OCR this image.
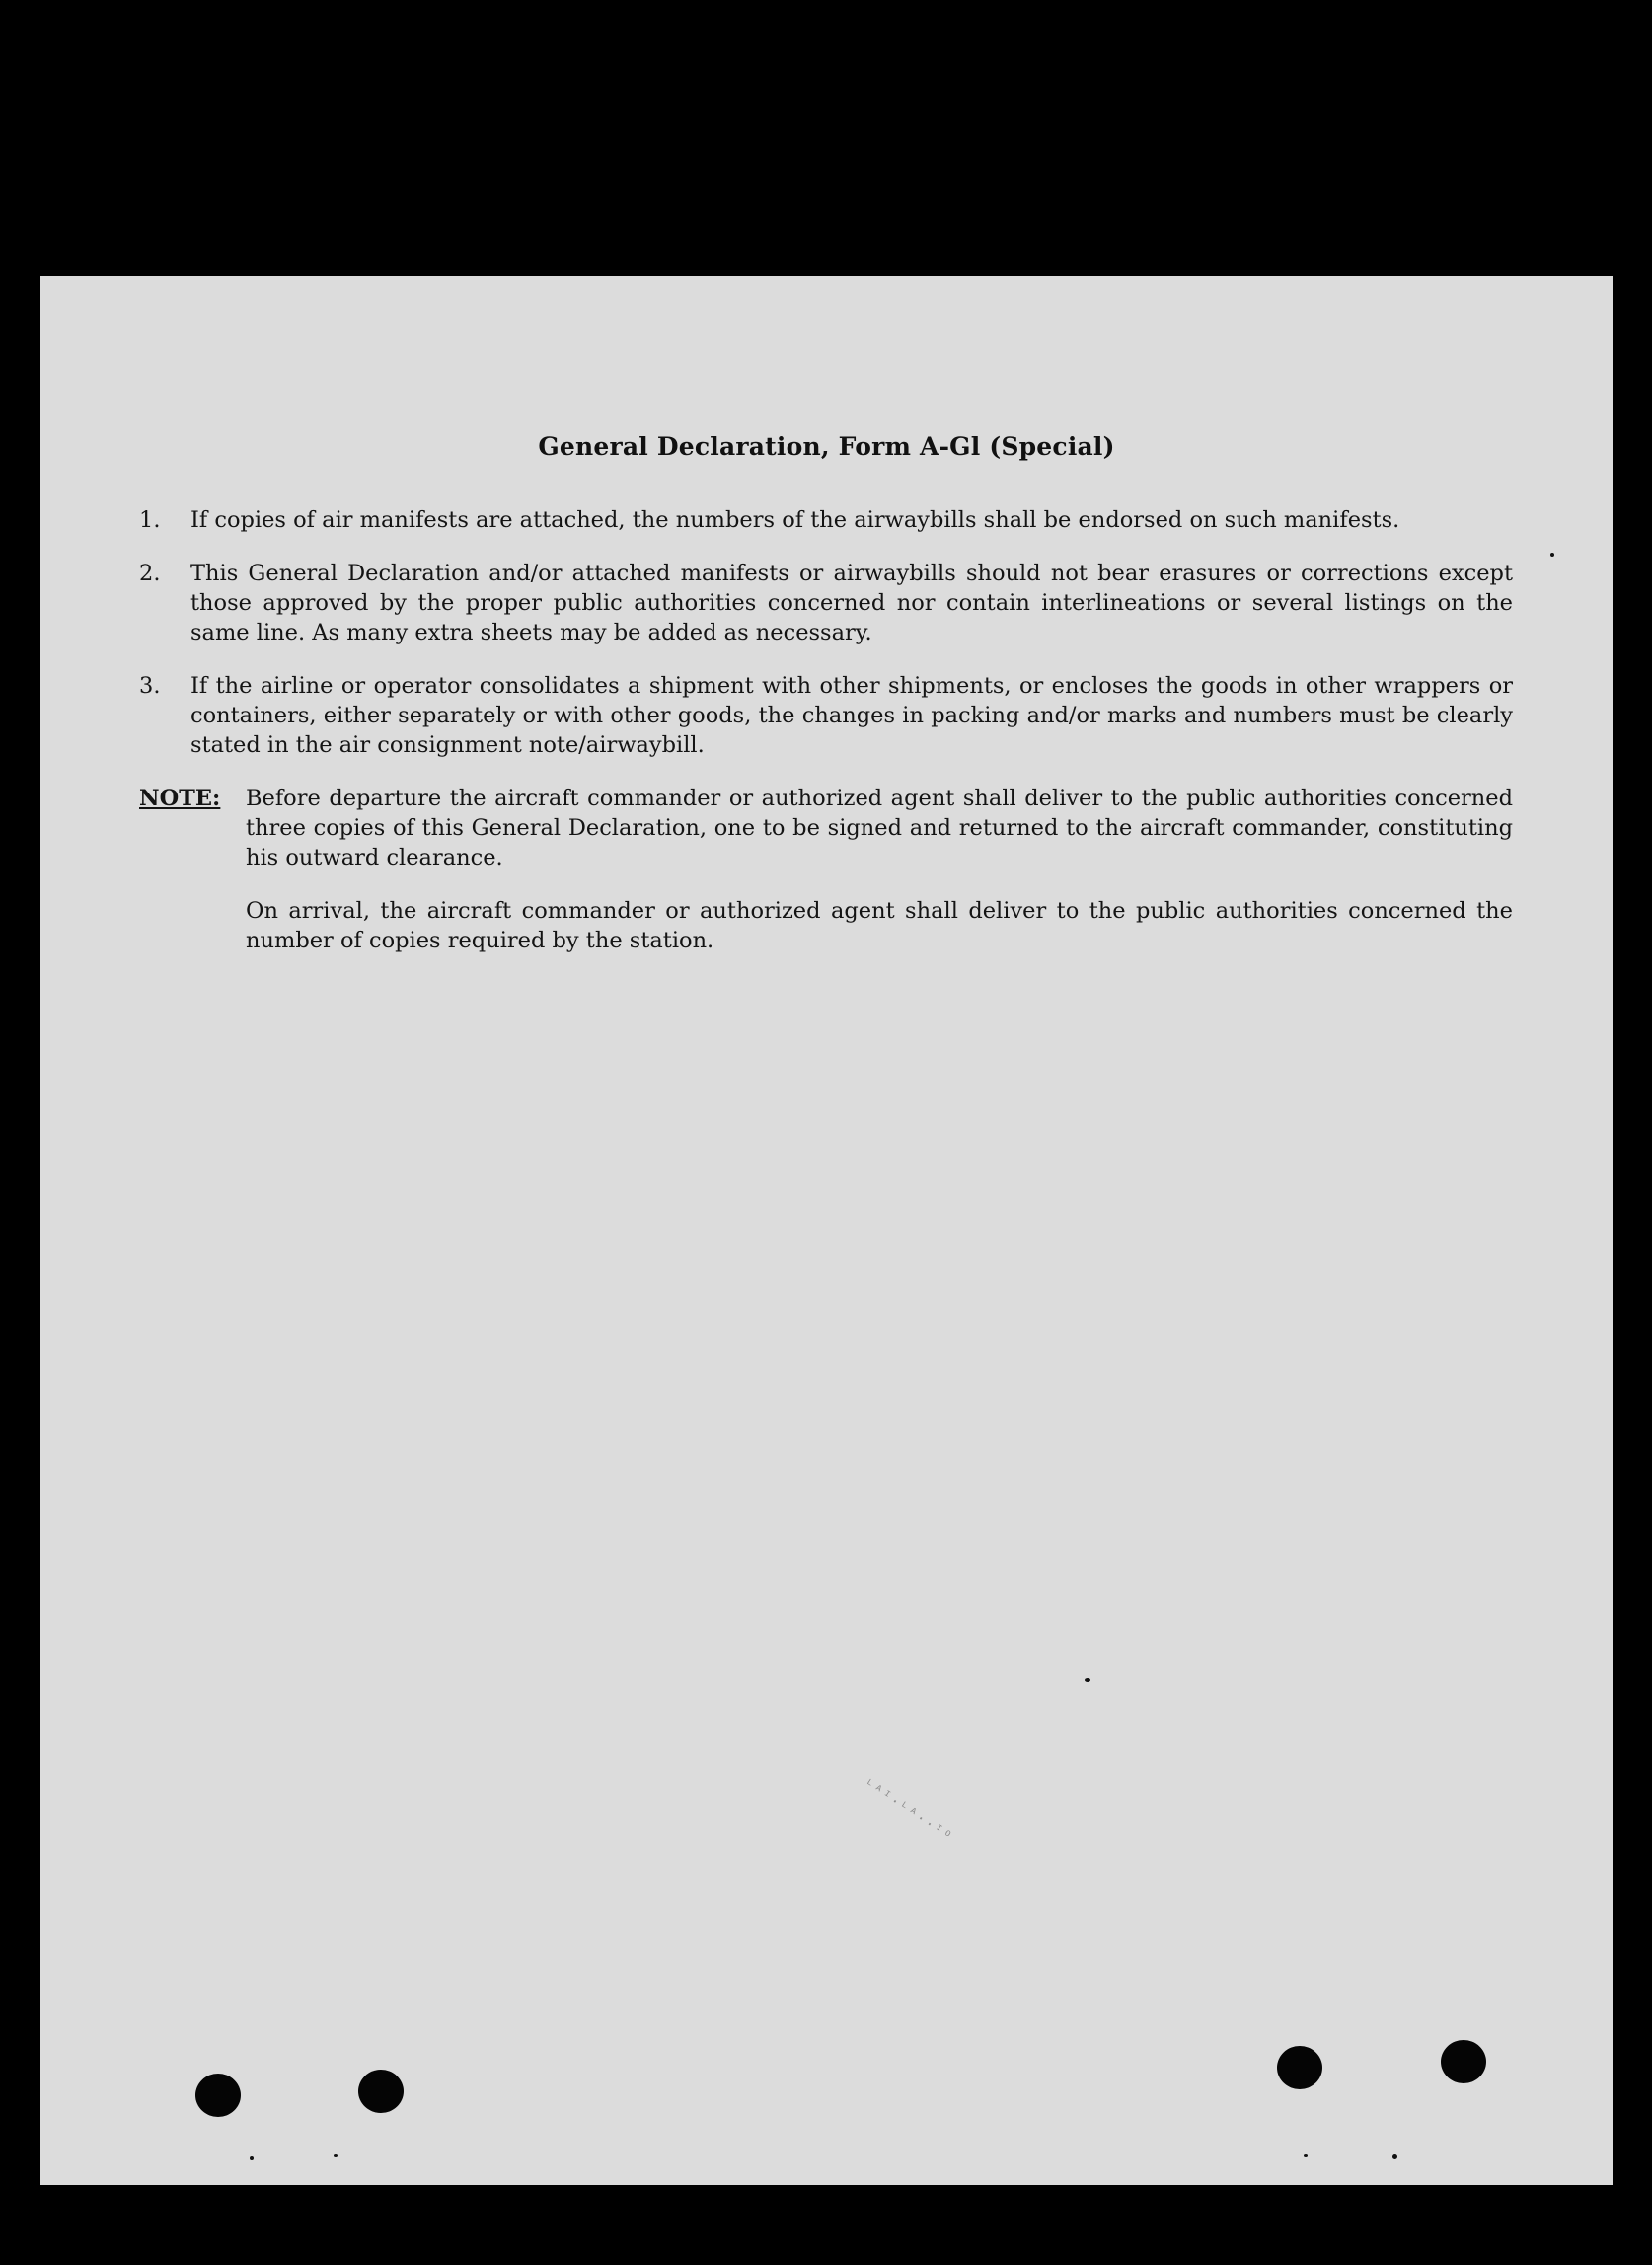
General Declaration, Form A-Gl (Special)
1.	If copies of air manifests are attached, the numbers of the airwaybills shall be endorsed on such manifests.
2.	This General Declaration and/or attached manifests or airwaybills should not bear erasures or corrections except those approved by the proper public authorities concerned nor contain interlineations or several listings on the same line. As many extra sheets may be added as necessary.
3.	If the airline or operator consolidates a shipment with other shipments, or encloses the goods in other wrappers or containers, either separately or with other goods, the changes in packing and/or marks and numbers must be clearly stated in the air consignment note/airwaybill.
NOTE:	Before departure the aircraft commander or authorized agent shall deliver to the public authorities concerned three copies of this General Declaration, one to be signed and returned to the aircraft commander, constituting his outward clearance.

On arrival, the aircraft commander or authorized agent shall deliver to the public authorities concerned the number of copies required by the station.

ᴸᴬᴵ·ᴸᴬ··ᴵᴼ
